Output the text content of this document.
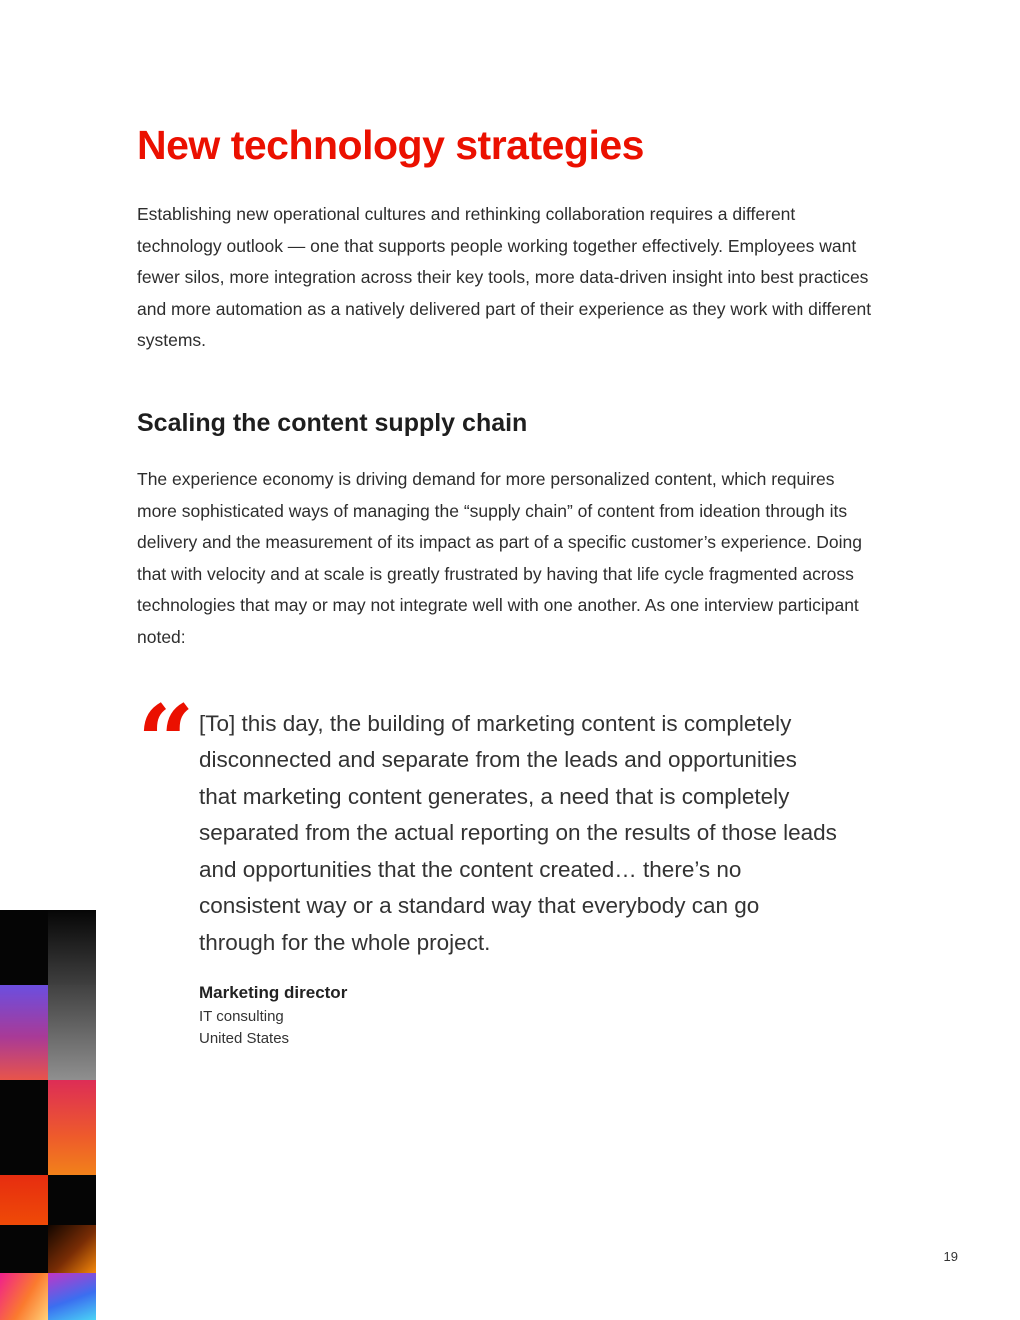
New technology strategies

Establishing new operational cultures and rethinking collaboration requires a different technology outlook — one that supports people working together effectively. Employees want fewer silos, more integration across their key tools, more data-driven insight into best practices and more automation as a natively delivered part of their experience as they work with different systems.

Scaling the content supply chain

The experience economy is driving demand for more personalized content, which requires more sophisticated ways of managing the “supply chain” of content from ideation through its delivery and the measurement of its impact as part of a specific customer’s experience. Doing that with velocity and at scale is greatly frustrated by having that life cycle fragmented across technologies that may or may not integrate well with one another. As one interview participant noted:

“ [To] this day, the building of marketing content is completely disconnected and separate from the leads and opportunities that marketing content generates, a need that is completely separated from the actual reporting on the results of those leads and opportunities that the content created… there’s no consistent way or a standard way that everybody can go through for the whole project.

Marketing director

IT consulting

United States

19
